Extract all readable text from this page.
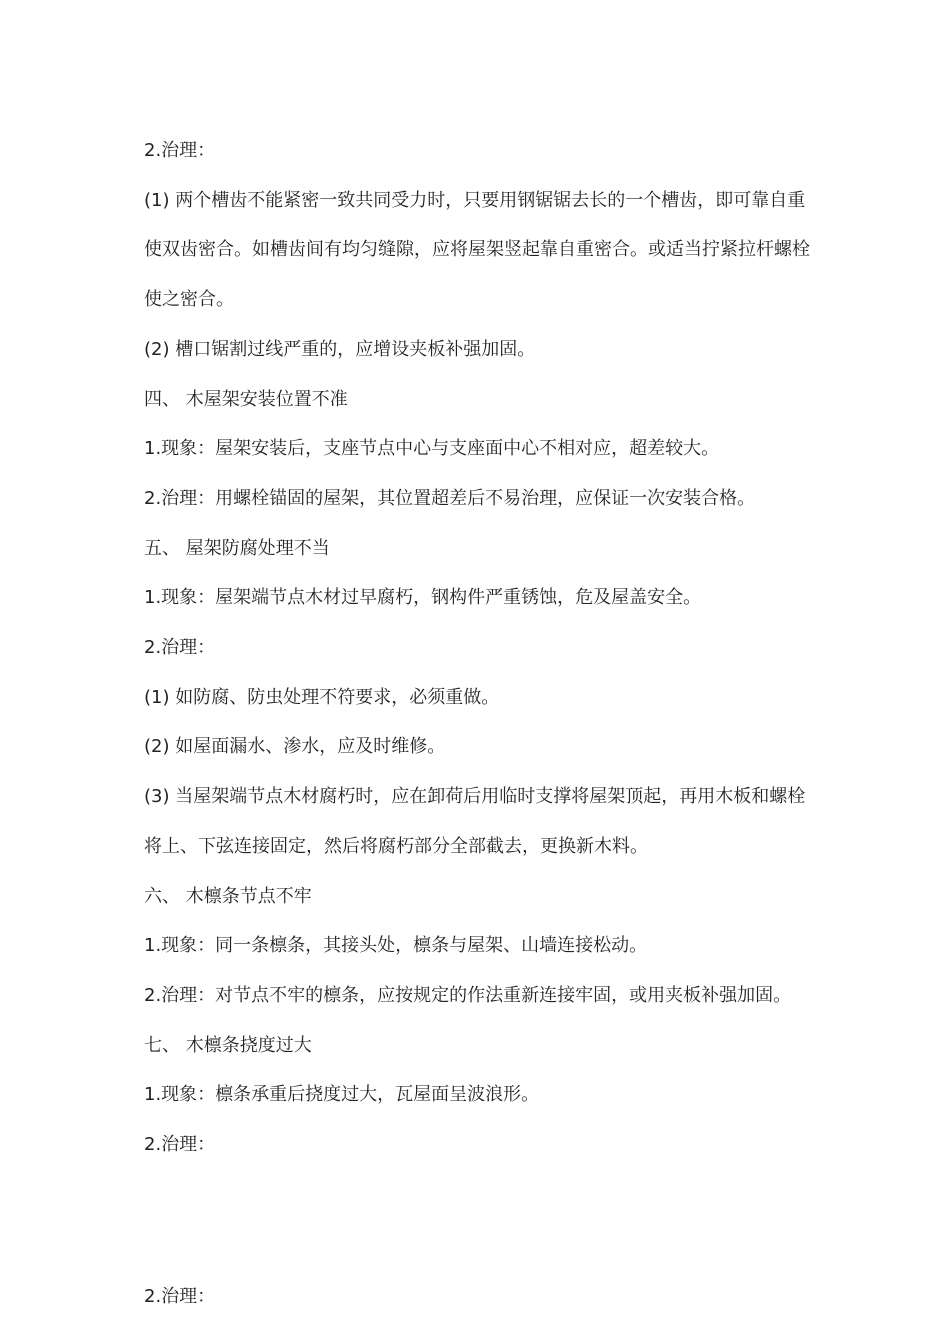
2.治理：

(1) 两个槽齿不能紧密一致共同受力时，只要用钢锯锯去长的一个槽齿，即可靠自重使双齿密合。如槽齿间有均匀缝隙，应将屋架竖起靠自重密合。或适当拧紧拉杆螺栓使之密合。

(2) 槽口锯割过线严重的，应增设夹板补强加固。

四、 木屋架安装位置不准

1.现象：屋架安装后，支座节点中心与支座面中心不相对应，超差较大。

2.治理：用螺栓锚固的屋架，其位置超差后不易治理，应保证一次安装合格。

五、 屋架防腐处理不当

1.现象：屋架端节点木材过早腐朽，钢构件严重锈蚀，危及屋盖安全。

2.治理：

(1) 如防腐、防虫处理不符要求，必须重做。

(2) 如屋面漏水、渗水，应及时维修。

(3) 当屋架端节点木材腐朽时，应在卸荷后用临时支撑将屋架顶起，再用木板和螺栓将上、下弦连接固定，然后将腐朽部分全部截去，更换新木料。

六、 木檩条节点不牢

1.现象：同一条檩条，其接头处，檩条与屋架、山墙连接松动。

2.治理：对节点不牢的檩条，应按规定的作法重新连接牢固，或用夹板补强加固。

七、 木檩条挠度过大

1.现象：檩条承重后挠度过大，瓦屋面呈波浪形。

2.治理：

2.治理：
